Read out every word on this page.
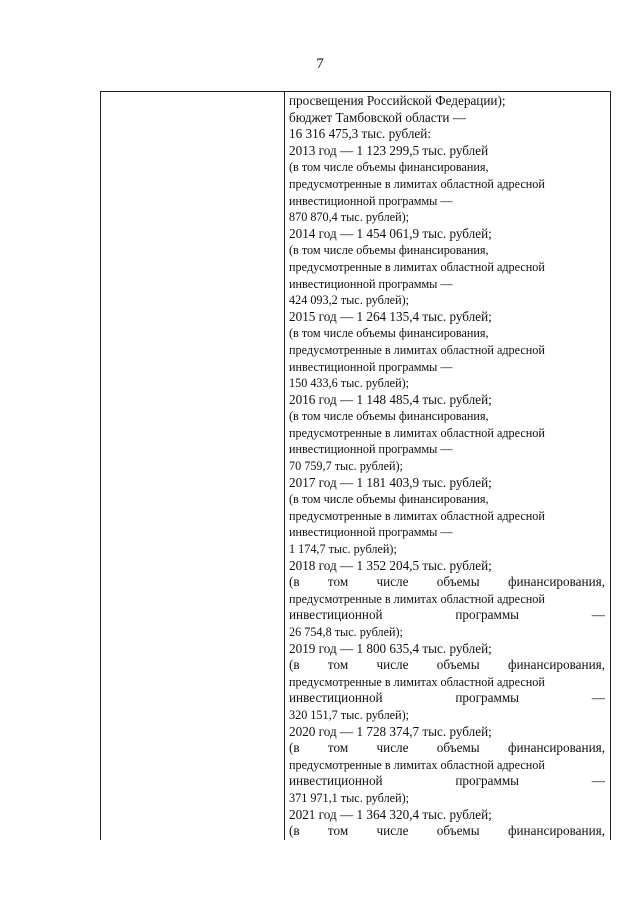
7
просвещения Российской Федерации);
бюджет Тамбовской области —
16 316 475,3 тыс. рублей:
2013 год — 1 123 299,5 тыс. рублей
(в том числе объемы финансирования,
предусмотренные в лимитах областной адресной
инвестиционной программы —
870 870,4 тыс. рублей);
2014 год — 1 454 061,9 тыс. рублей;
(в том числе объемы финансирования,
предусмотренные в лимитах областной адресной
инвестиционной программы —
424 093,2 тыс. рублей);
2015 год — 1 264 135,4 тыс. рублей;
(в том числе объемы финансирования,
предусмотренные в лимитах областной адресной
инвестиционной программы —
150 433,6 тыс. рублей);
2016 год — 1 148 485,4 тыс. рублей;
(в том числе объемы финансирования,
предусмотренные в лимитах областной адресной
инвестиционной программы —
70 759,7 тыс. рублей);
2017 год — 1 181 403,9 тыс. рублей;
(в том числе объемы финансирования,
предусмотренные в лимитах областной адресной
инвестиционной программы —
1 174,7 тыс. рублей);
2018 год — 1 352 204,5 тыс. рублей;
(в том числе объемы финансирования,
предусмотренные в лимитах областной адресной
инвестиционной программы —
26 754,8 тыс. рублей);
2019 год — 1 800 635,4 тыс. рублей;
(в том числе объемы финансирования,
предусмотренные в лимитах областной адресной
инвестиционной программы —
320 151,7 тыс. рублей);
2020 год — 1 728 374,7 тыс. рублей;
(в том числе объемы финансирования,
предусмотренные в лимитах областной адресной
инвестиционной программы —
371 971,1 тыс. рублей);
2021 год — 1 364 320,4 тыс. рублей;
(в том числе объемы финансирования,
